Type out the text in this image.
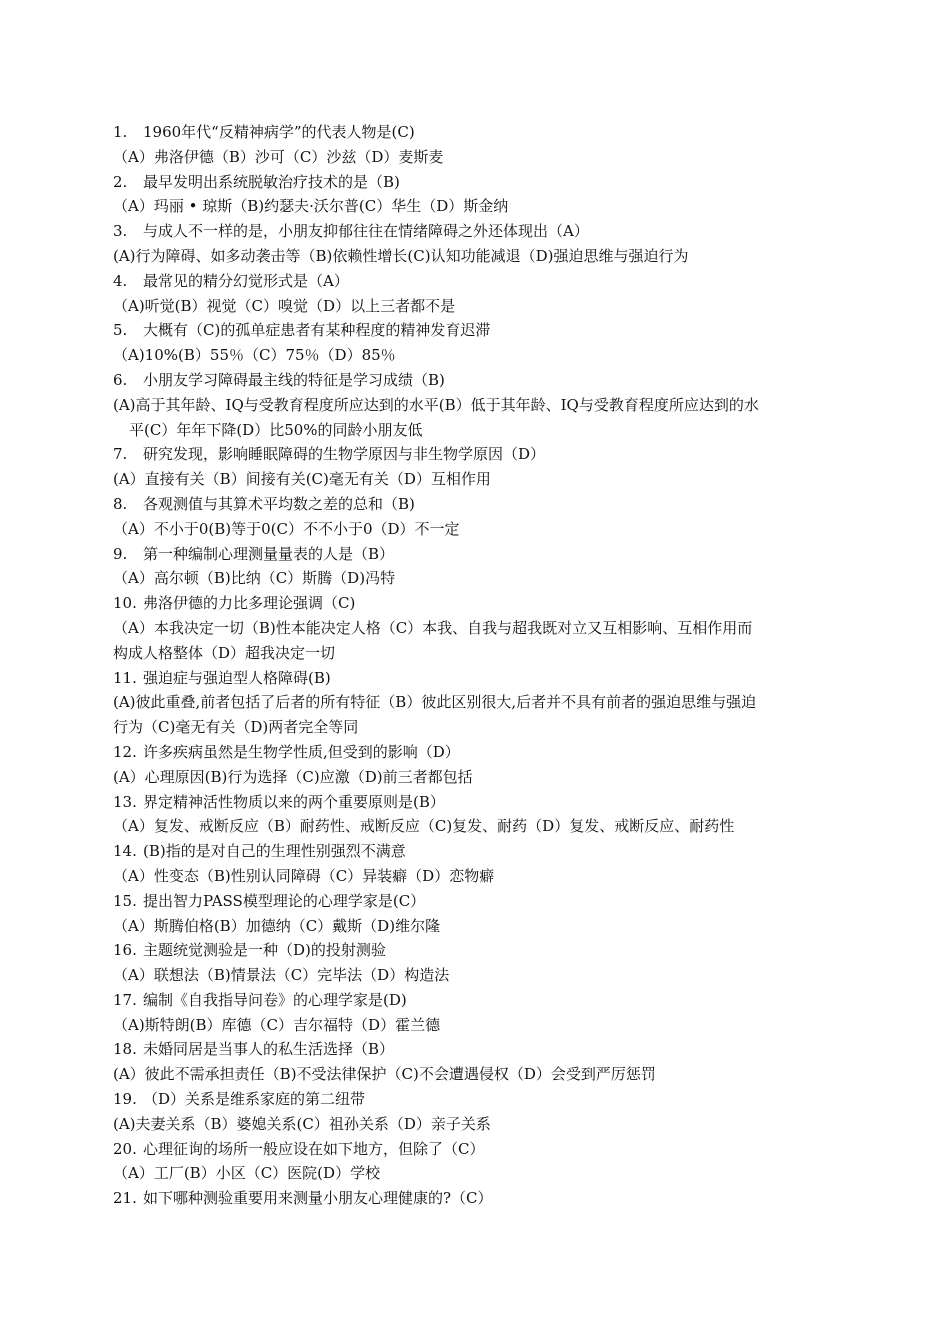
1. 1960年代“反精神病学”的代表人物是(C)
（A）弗洛伊德（B）沙可（C）沙兹（D）麦斯麦
2. 最早发明出系统脱敏治疗技术的是（B)
（A）玛丽 • 琼斯（B)约瑟夫·沃尔普(C）华生（D）斯金纳
3. 与成人不一样的是，小朋友抑郁往往在情绪障碍之外还体现出（A）
(A)行为障碍、如多动袭击等（B)依赖性增长(C)认知功能减退（D)强迫思维与强迫行为
4. 最常见的精分幻觉形式是（A）
（A)听觉(B）视觉（C）嗅觉（D）以上三者都不是
5. 大概有（C)的孤单症患者有某种程度的精神发育迟滞
（A)10%(B）55％（C）75％（D）85％
6. 小朋友学习障碍最主线的特征是学习成绩（B)
(A)高于其年龄、IQ与受教育程度所应达到的水平(B）低于其年龄、IQ与受教育程度所应达到的水
平(C）年年下降(D）比50%的同龄小朋友低
7. 研究发现，影响睡眠障碍的生物学原因与非生物学原因（D）
(A）直接有关（B）间接有关(C)毫无有关（D）互相作用
8. 各观测值与其算术平均数之差的总和（B)
（A）不小于0(B)等于0(C）不不小于0（D）不一定
9. 第一种编制心理测量量表的人是（B）
（A）高尔顿（B)比纳（C）斯腾（D)冯特
10. 弗洛伊德的力比多理论强调（C)
（A）本我决定一切（B)性本能决定人格（C）本我、自我与超我既对立又互相影响、互相作用而
构成人格整体（D）超我决定一切
11. 强迫症与强迫型人格障碍(B)
(A)彼此重叠,前者包括了后者的所有特征（B）彼此区别很大,后者并不具有前者的强迫思维与强迫
行为（C)毫无有关（D)两者完全等同
12. 许多疾病虽然是生物学性质,但受到的影响（D）
(A）心理原因(B)行为选择（C)应激（D)前三者都包括
13. 界定精神活性物质以来的两个重要原则是(B）
（A）复发、戒断反应（B）耐药性、戒断反应（C)复发、耐药（D）复发、戒断反应、耐药性
14. (B)指的是对自己的生理性别强烈不满意
（A）性变态（B)性别认同障碍（C）异装癖（D）恋物癖
15. 提出智力PASS模型理论的心理学家是(C）
（A）斯腾伯格(B）加德纳（C）戴斯（D)维尔隆
16. 主题统觉测验是一种（D)的投射测验
（A）联想法（B)情景法（C）完毕法（D）构造法
17. 编制《自我指导问卷》的心理学家是(D)
（A)斯特朗(B）库德（C）吉尔福特（D）霍兰德
18. 未婚同居是当事人的私生活选择（B）
(A）彼此不需承担责任（B)不受法律保护（C)不会遭遇侵权（D）会受到严厉惩罚
19. （D）关系是维系家庭的第二纽带
(A)夫妻关系（B）婆媳关系(C）祖孙关系（D）亲子关系
20. 心理征询的场所一般应设在如下地方，但除了（C）
（A）工厂(B）小区（C）医院(D）学校
21. 如下哪种测验重要用来测量小朋友心理健康的?（C）
